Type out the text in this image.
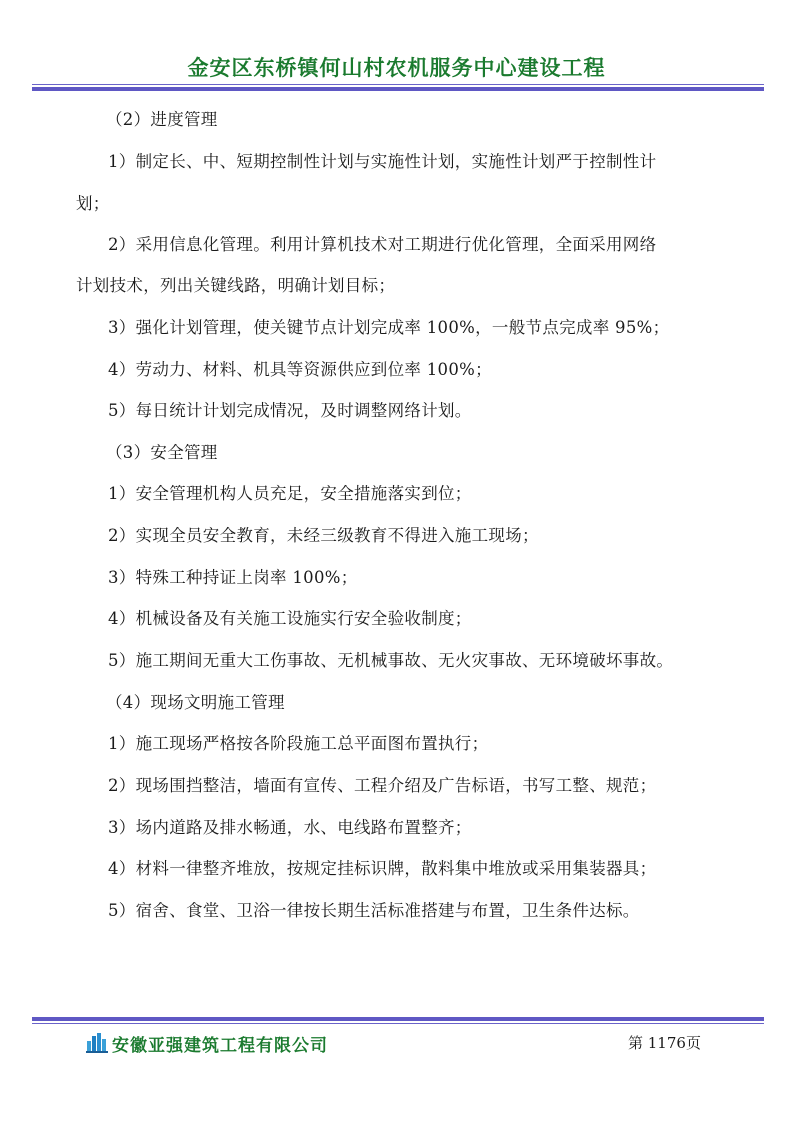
金安区东桥镇何山村农机服务中心建设工程
（2）进度管理
1）制定长、中、短期控制性计划与实施性计划，实施性计划严于控制性计
划；
2）采用信息化管理。利用计算机技术对工期进行优化管理，全面采用网络
计划技术，列出关键线路，明确计划目标；
3）强化计划管理，使关键节点计划完成率 100%，一般节点完成率 95%；
4）劳动力、材料、机具等资源供应到位率 100%；
5）每日统计计划完成情况，及时调整网络计划。
（3）安全管理
1）安全管理机构人员充足，安全措施落实到位；
2）实现全员安全教育，未经三级教育不得进入施工现场；
3）特殊工种持证上岗率 100%；
4）机械设备及有关施工设施实行安全验收制度；
5）施工期间无重大工伤事故、无机械事故、无火灾事故、无环境破坏事故。
（4）现场文明施工管理
1）施工现场严格按各阶段施工总平面图布置执行；
2）现场围挡整洁，墙面有宣传、工程介绍及广告标语，书写工整、规范；
3）场内道路及排水畅通，水、电线路布置整齐；
4）材料一律整齐堆放，按规定挂标识牌，散料集中堆放或采用集装器具；
5）宿舍、食堂、卫浴一律按长期生活标准搭建与布置，卫生条件达标。
安徽亚强建筑工程有限公司	第 1176页
